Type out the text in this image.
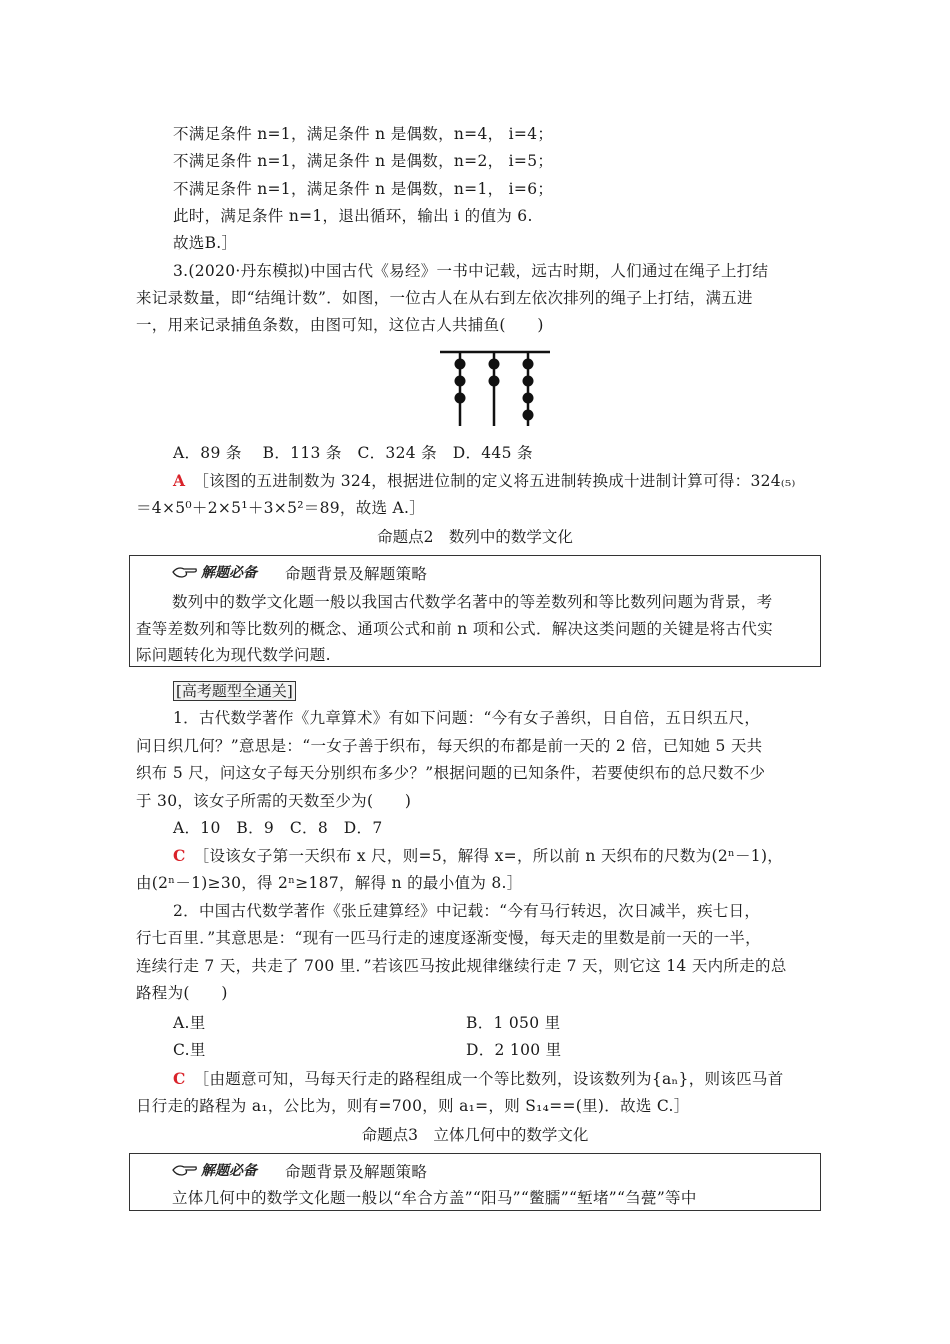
不满足条件 n=1，满足条件 n 是偶数，n=4， i=4；
不满足条件 n=1，满足条件 n 是偶数，n=2， i=5；
不满足条件 n=1，满足条件 n 是偶数，n=1， i=6；
此时，满足条件 n=1，退出循环，输出 i 的值为 6.
故选B.］
3.(2020·丹东模拟)中国古代《易经》一书中记载，远古时期，人们通过在绳子上打结
来记录数量，即“结绳计数”．如图，一位古人在从右到左依次排列的绳子上打结，满五进
一，用来记录捕鱼条数，由图可知，这位古人共捕鱼(　　)
A．89 条　 B．113 条　C．324 条　D．445 条
A ［该图的五进制数为 324，根据进位制的定义将五进制转换成十进制计算可得：324₍₅₎
＝4×5⁰＋2×5¹＋3×5²＝89，故选 A.］
命题点2　数列中的数学文化
解题必备 命题背景及解题策略
数列中的数学文化题一般以我国古代数学名著中的等差数列和等比数列问题为背景，考
查等差数列和等比数列的概念、通项公式和前 n 项和公式．解决这类问题的关键是将古代实
际问题转化为现代数学问题.
[高考题型全通关]
1．古代数学著作《九章算术》有如下问题：“今有女子善织，日自倍，五日织五尺，
问日织几何？”意思是：“一女子善于织布，每天织的布都是前一天的 2 倍，已知她 5 天共
织布 5 尺，问这女子每天分别织布多少？”根据问题的已知条件，若要使织布的总尺数不少
于 30，该女子所需的天数至少为(　　)
A．10　B．9　C．8　D．7
C ［设该女子第一天织布 x 尺，则=5，解得 x=，所以前 n 天织布的尺数为(2ⁿ－1)，
由(2ⁿ－1)≥30，得 2ⁿ≥187，解得 n 的最小值为 8.］
2．中国古代数学著作《张丘建算经》中记载：“今有马行转迟，次日减半，疾七日，
行七百里．”其意思是：“现有一匹马行走的速度逐渐变慢，每天走的里数是前一天的一半，
连续行走 7 天，共走了 700 里．”若该匹马按此规律继续行走 7 天，则它这 14 天内所走的总
路程为(　　)
A.里	B．1 050 里
C.里	D．2 100 里
C ［由题意可知，马每天行走的路程组成一个等比数列，设该数列为{aₙ}，则该匹马首
日行走的路程为 a₁，公比为，则有=700，则 a₁=，则 S₁₄==(里)．故选 C.］
命题点3　立体几何中的数学文化
解题必备 命题背景及解题策略
立体几何中的数学文化题一般以“牟合方盖”“阳马”“鳖臑”“堑堵”“刍甍”等中
